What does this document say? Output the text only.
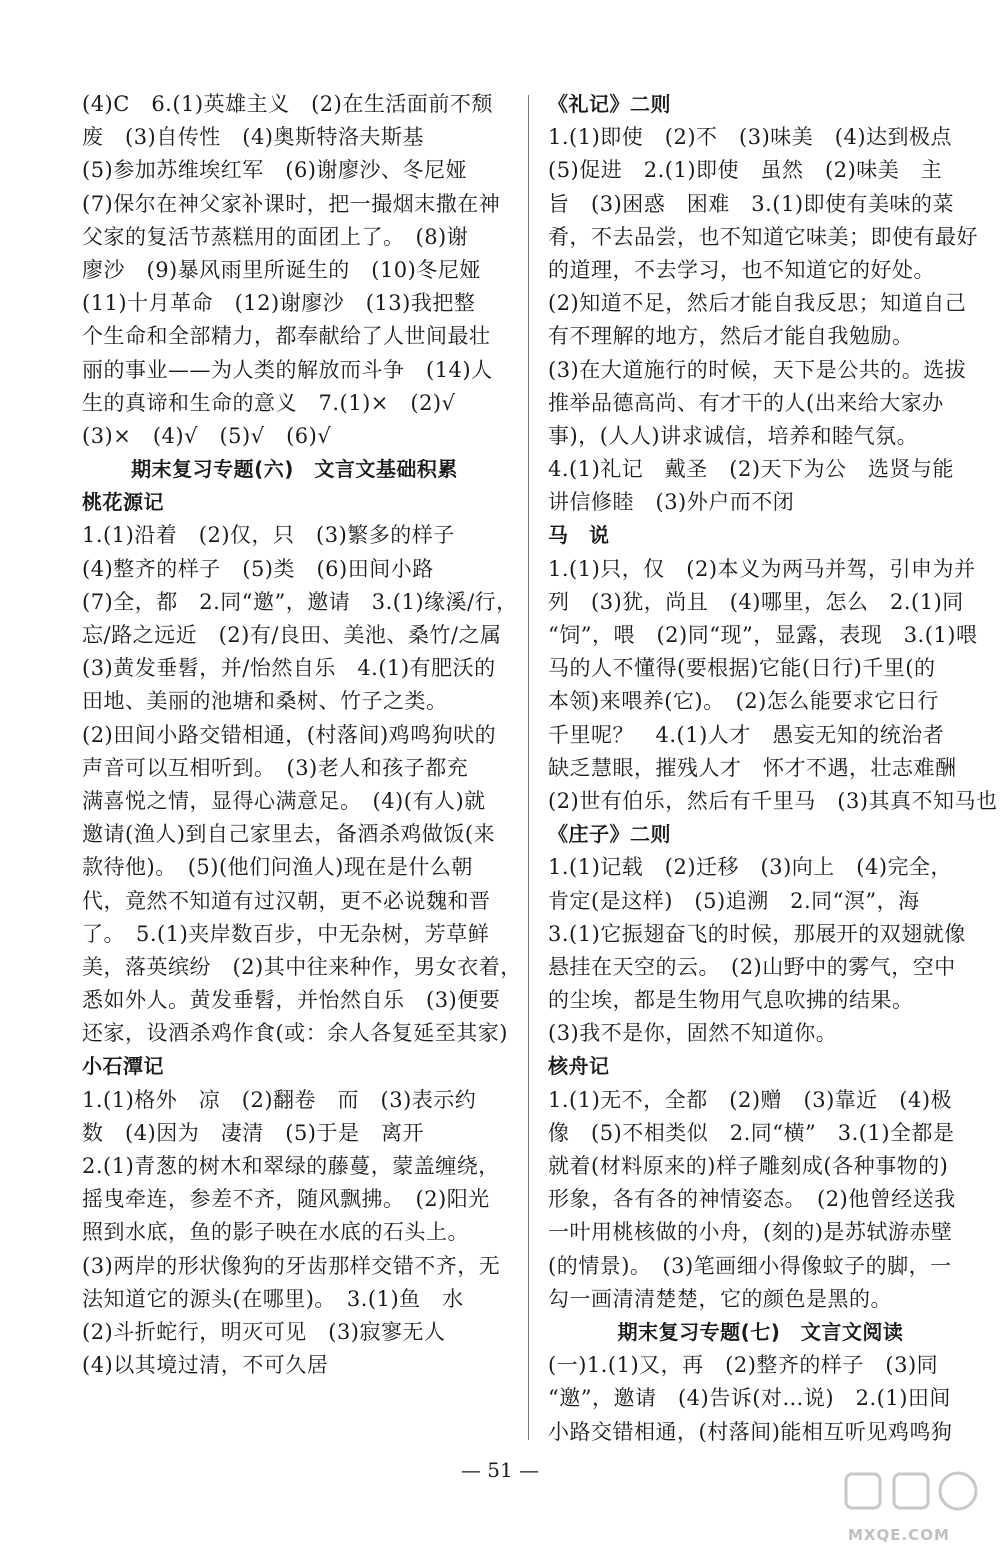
(4)C　6.(1)英雄主义　(2)在生活面前不颓
废　(3)自传性　(4)奥斯特洛夫斯基
(5)参加苏维埃红军　(6)谢廖沙、冬尼娅
(7)保尔在神父家补课时，把一撮烟末撒在神
父家的复活节蒸糕用的面团上了。　(8)谢
廖沙　(9)暴风雨里所诞生的　(10)冬尼娅
(11)十月革命　(12)谢廖沙　(13)我把整
个生命和全部精力，都奉献给了人世间最壮
丽的事业——为人类的解放而斗争　(14)人
生的真谛和生命的意义　7.(1)×　(2)√
(3)×　(4)√　(5)√　(6)√
期末复习专题(六)　文言文基础积累
桃花源记
1.(1)沿着　(2)仅，只　(3)繁多的样子
(4)整齐的样子　(5)类　(6)田间小路
(7)全，都　2.同“邀”，邀请　3.(1)缘溪/行，
忘/路之远近　(2)有/良田、美池、桑竹/之属
(3)黄发垂髫，并/怡然自乐　4.(1)有肥沃的
田地、美丽的池塘和桑树、竹子之类。
(2)田间小路交错相通，(村落间)鸡鸣狗吠的
声音可以互相听到。　(3)老人和孩子都充
满喜悦之情，显得心满意足。　(4)(有人)就
邀请(渔人)到自己家里去，备酒杀鸡做饭(来
款待他)。　(5)(他们问渔人)现在是什么朝
代，竟然不知道有过汉朝，更不必说魏和晋
了。　5.(1)夹岸数百步，中无杂树，芳草鲜
美，落英缤纷　(2)其中往来种作，男女衣着，
悉如外人。黄发垂髫，并怡然自乐　(3)便要
还家，设酒杀鸡作食(或：余人各复延至其家)
小石潭记
1.(1)格外　凉　(2)翻卷　而　(3)表示约
数　(4)因为　凄清　(5)于是　离开
2.(1)青葱的树木和翠绿的藤蔓，蒙盖缠绕，
摇曳牵连，参差不齐，随风飘拂。　(2)阳光
照到水底，鱼的影子映在水底的石头上。
(3)两岸的形状像狗的牙齿那样交错不齐，无
法知道它的源头(在哪里)。　3.(1)鱼　水
(2)斗折蛇行，明灭可见　(3)寂寥无人
(4)以其境过清，不可久居
《礼记》二则
1.(1)即使　(2)不　(3)味美　(4)达到极点
(5)促进　2.(1)即使　虽然　(2)味美　主
旨　(3)困惑　困难　3.(1)即使有美味的菜
肴，不去品尝，也不知道它味美；即使有最好
的道理，不去学习，也不知道它的好处。
(2)知道不足，然后才能自我反思；知道自己
有不理解的地方，然后才能自我勉励。
(3)在大道施行的时候，天下是公共的。选拔
推举品德高尚、有才干的人(出来给大家办
事)，(人人)讲求诚信，培养和睦气氛。
4.(1)礼记　戴圣　(2)天下为公　选贤与能
讲信修睦　(3)外户而不闭
马　说
1.(1)只，仅　(2)本义为两马并驾，引申为并
列　(3)犹，尚且　(4)哪里，怎么　2.(1)同
“饲”，喂　(2)同“现”，显露，表现　3.(1)喂
马的人不懂得(要根据)它能(日行)千里(的
本领)来喂养(它)。　(2)怎么能要求它日行
千里呢？　4.(1)人才　愚妄无知的统治者
缺乏慧眼，摧残人才　怀才不遇，壮志难酬
(2)世有伯乐，然后有千里马　(3)其真不知马也
《庄子》二则
1.(1)记载　(2)迁移　(3)向上　(4)完全，
肯定(是这样)　(5)追溯　2.同“溟”，海
3.(1)它振翅奋飞的时候，那展开的双翅就像
悬挂在天空的云。　(2)山野中的雾气，空中
的尘埃，都是生物用气息吹拂的结果。
(3)我不是你，固然不知道你。
核舟记
1.(1)无不，全都　(2)赠　(3)靠近　(4)极
像　(5)不相类似　2.同“横”　3.(1)全都是
就着(材料原来的)样子雕刻成(各种事物的)
形象，各有各的神情姿态。　(2)他曾经送我
一叶用桃核做的小舟，(刻的)是苏轼游赤壁
(的情景)。　(3)笔画细小得像蚊子的脚，一
勾一画清清楚楚，它的颜色是黑的。
期末复习专题(七)　文言文阅读
(一)1.(1)又，再　(2)整齐的样子　(3)同
“邀”，邀请　(4)告诉(对…说)　2.(1)田间
小路交错相通，(村落间)能相互听见鸡鸣狗
— 51 —
MXQE.COM
